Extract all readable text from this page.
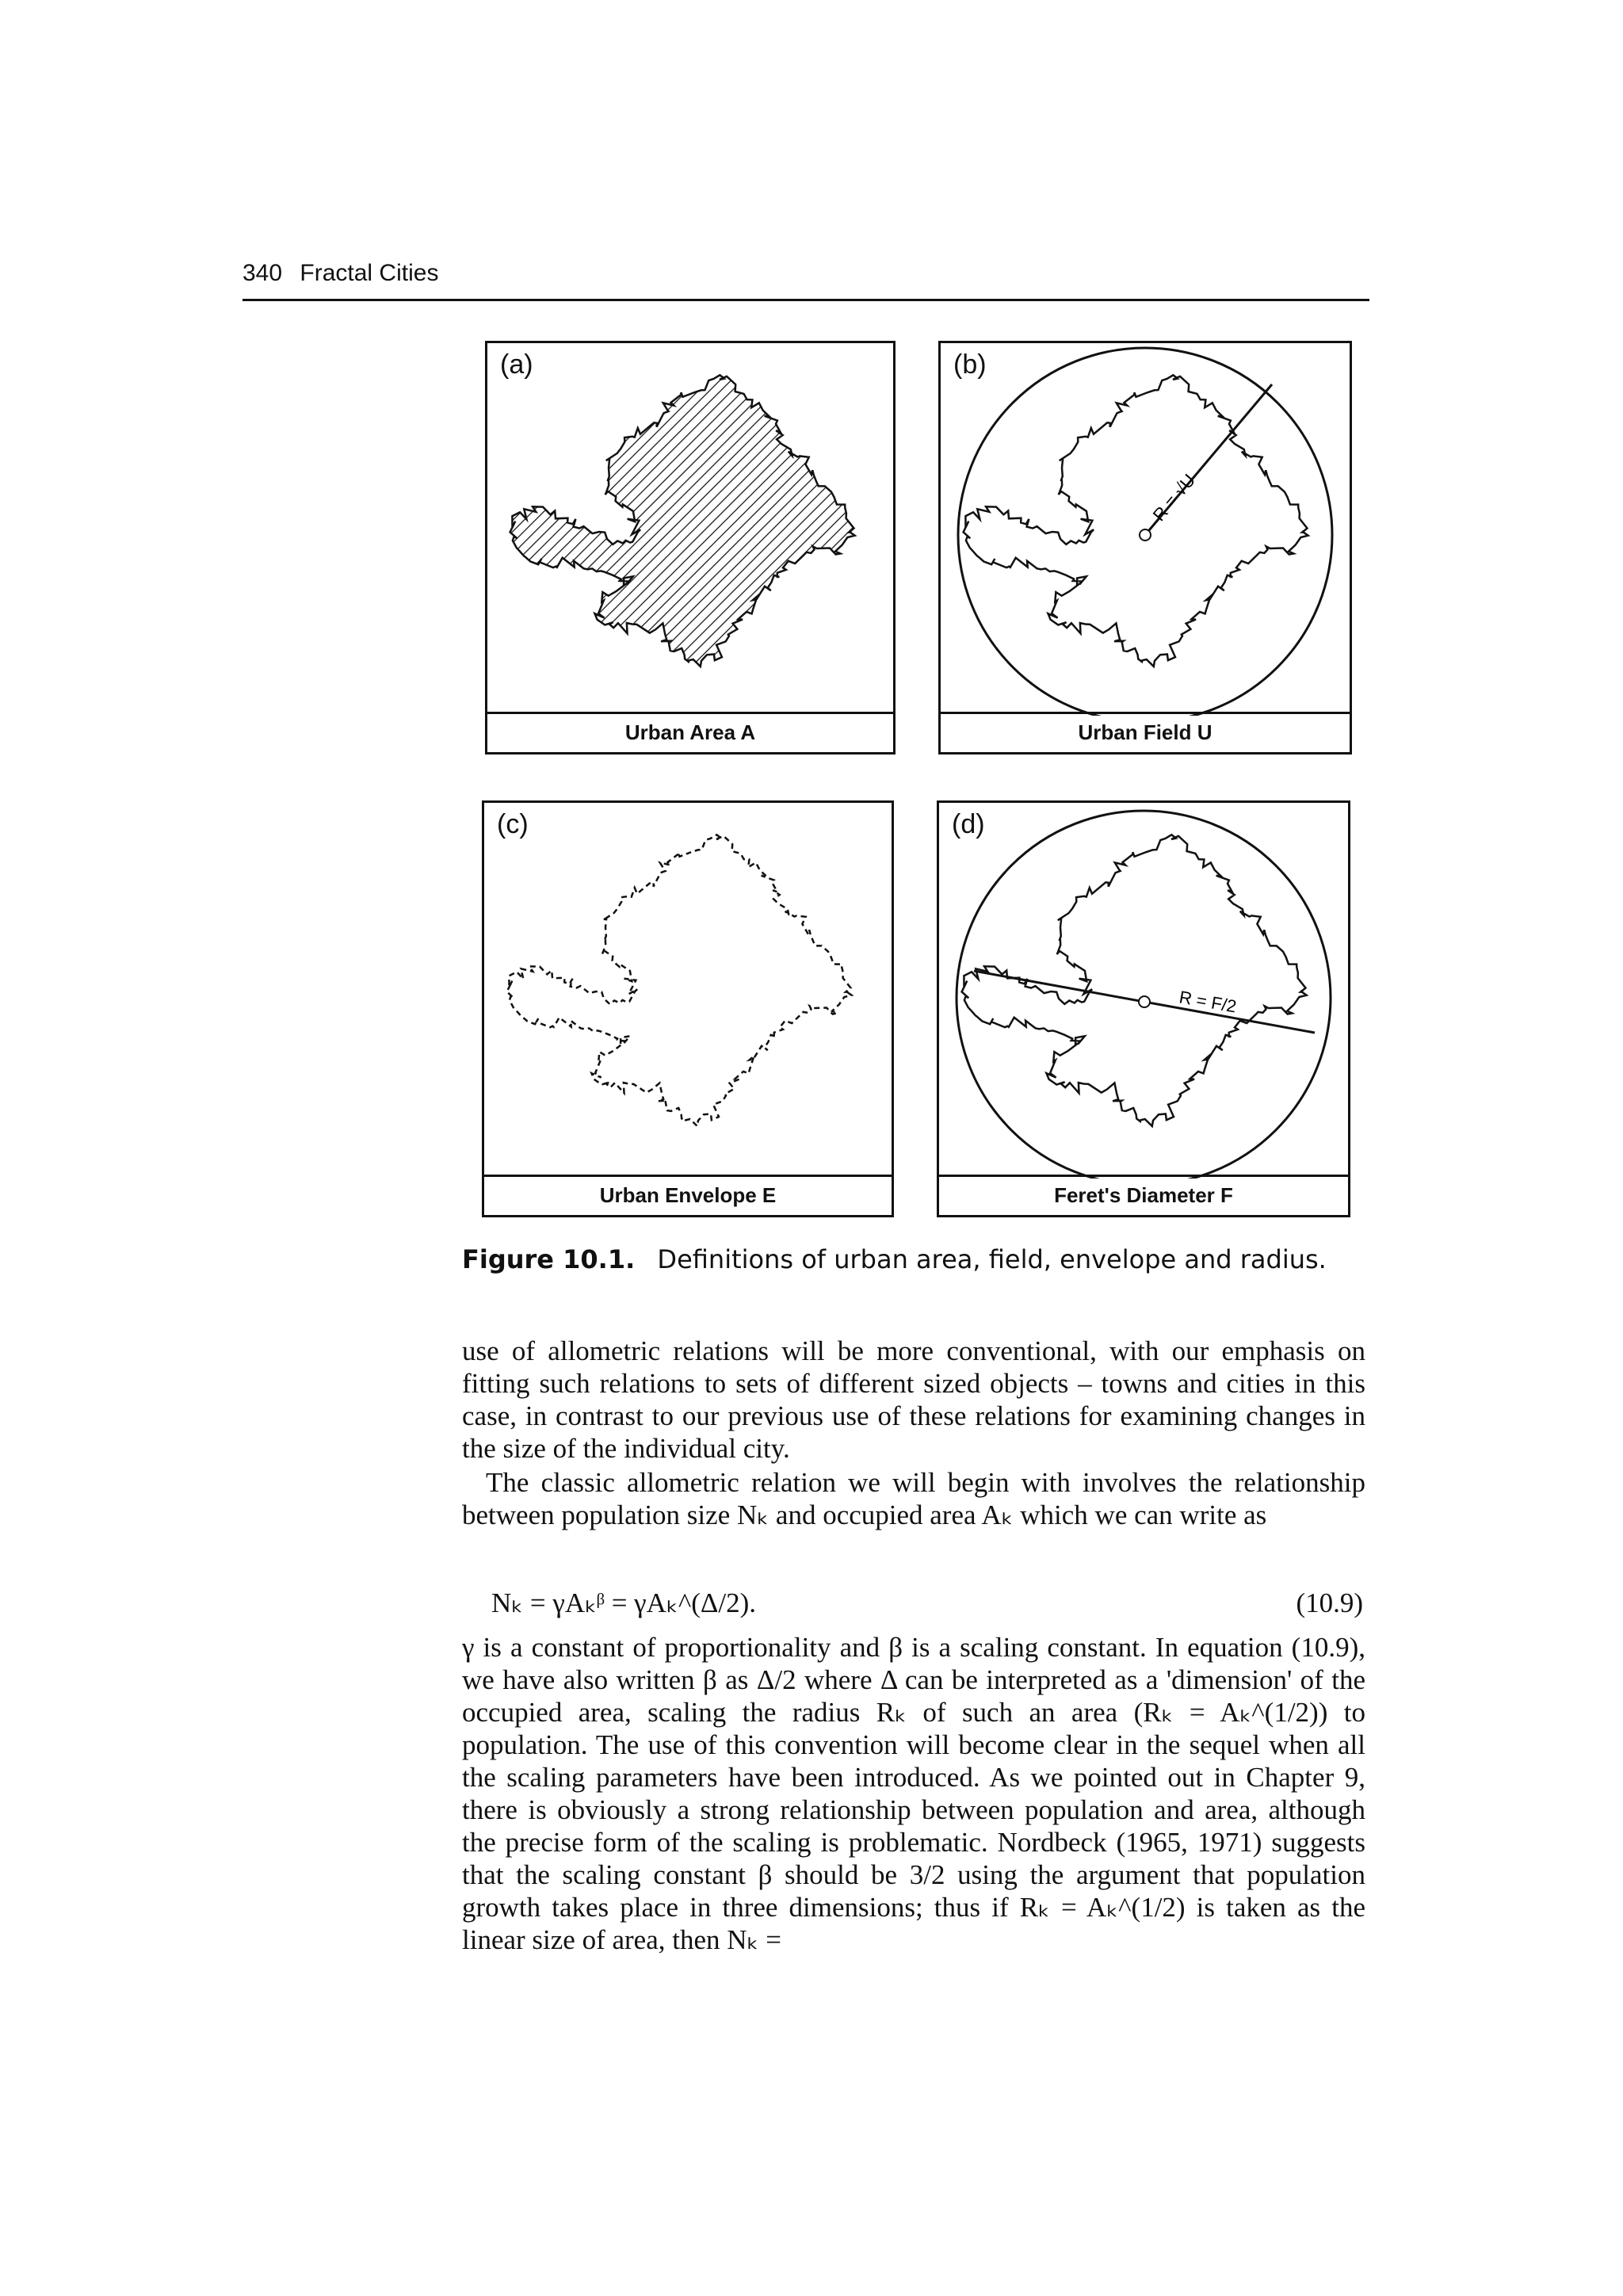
340 Fractal Cities
(a)
Urban Area A
R = √U
(b)
Urban Field U
(c)
Urban Envelope E
R = F/2
(d)
Feret's Diameter F
Figure 10.1. Definitions of urban area, field, envelope and radius.

use of allometric relations will be more conventional, with our emphasis on fitting such relations to sets of different sized objects – towns and cities in this case, in contrast to our previous use of these relations for examining changes in the size of the individual city.

The classic allometric relation we will begin with involves the relationship between population size Nₖ and occupied area Aₖ which we can write as

Nₖ = γAₖᵝ = γAₖ^(Δ/2).	(10.9)

γ is a constant of proportionality and β is a scaling constant. In equation (10.9), we have also written β as Δ/2 where Δ can be interpreted as a 'dimension' of the occupied area, scaling the radius Rₖ of such an area (Rₖ = Aₖ^(1/2)) to population. The use of this convention will become clear in the sequel when all the scaling parameters have been introduced. As we pointed out in Chapter 9, there is obviously a strong relationship between population and area, although the precise form of the scaling is problematic. Nordbeck (1965, 1971) suggests that the scaling constant β should be 3/2 using the argument that population growth takes place in three dimensions; thus if Rₖ = Aₖ^(1/2) is taken as the linear size of area, then Nₖ =
